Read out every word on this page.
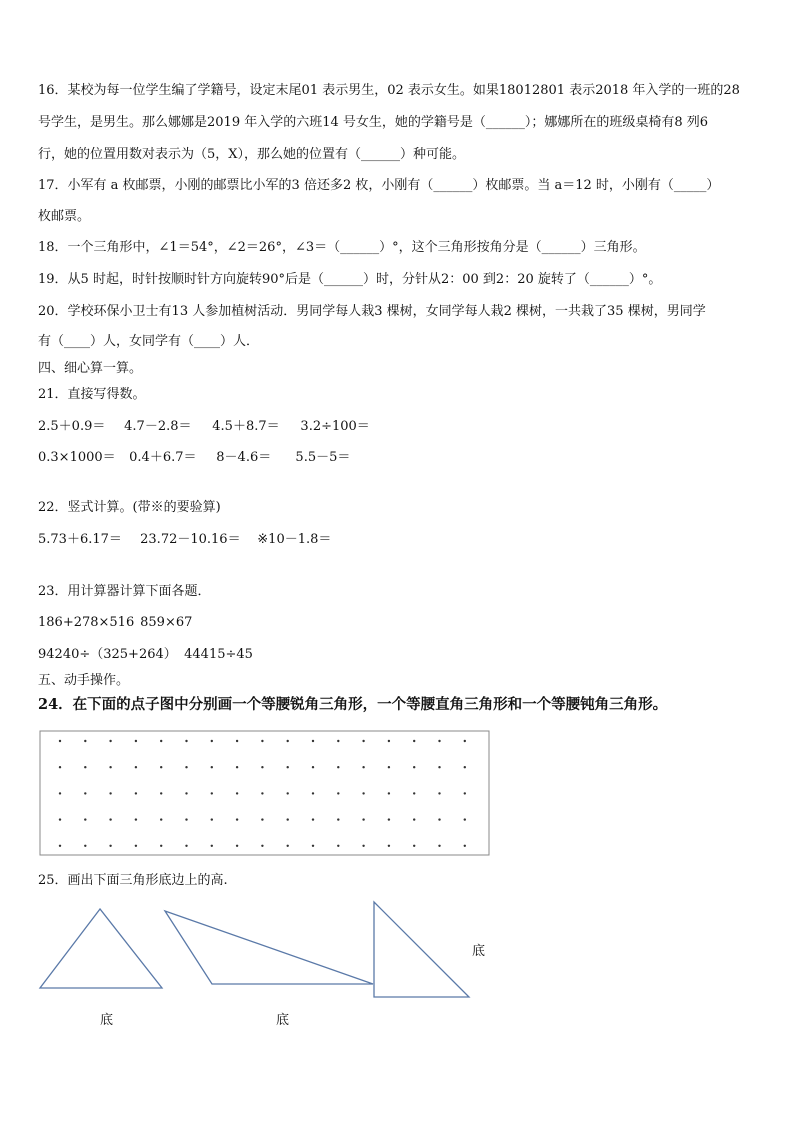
16．某校为每一位学生编了学籍号，设定末尾01 表示男生，02 表示女生。如果18012801 表示2018 年入学的一班的28
号学生，是男生。那么娜娜是2019 年入学的六班14 号女生，她的学籍号是（______）；娜娜所在的班级桌椅有8 列6
行，她的位置用数对表示为（5，X），那么她的位置有（______）种可能。
17．小军有 a 枚邮票，小刚的邮票比小军的3 倍还多2 枚，小刚有（______）枚邮票。当 a＝12 时，小刚有（_____）
枚邮票。
18．一个三角形中，∠1＝54°，∠2＝26°，∠3＝（______）°，这个三角形按角分是（______）三角形。
19．从5 时起，时针按顺时针方向旋转90°后是（______）时，分针从2：00 到2：20 旋转了（______）°。
20．学校环保小卫士有13 人参加植树活动．男同学每人栽3 棵树，女同学每人栽2 棵树，一共栽了35 棵树，男同学
有（____）人，女同学有（____）人．
四、细心算一算。
21．直接写得数。
2.5＋0.9＝ 4.7－2.8＝ 4.5＋8.7＝ 3.2÷100＝
0.3×1000＝ 0.4＋6.7＝ 8－4.6＝ 5.5－5＝
22．竖式计算。(带※的要验算)
5.73＋6.17＝ 23.72－10.16＝ ※10－1.8＝
23．用计算器计算下面各题．
186+278×516 859×67
94240÷（325+264） 44415÷45
五、动手操作。
24．在下面的点子图中分别画一个等腰锐角三角形，一个等腰直角三角形和一个等腰钝角三角形。
25．画出下面三角形底边上的高.
底	底
底
